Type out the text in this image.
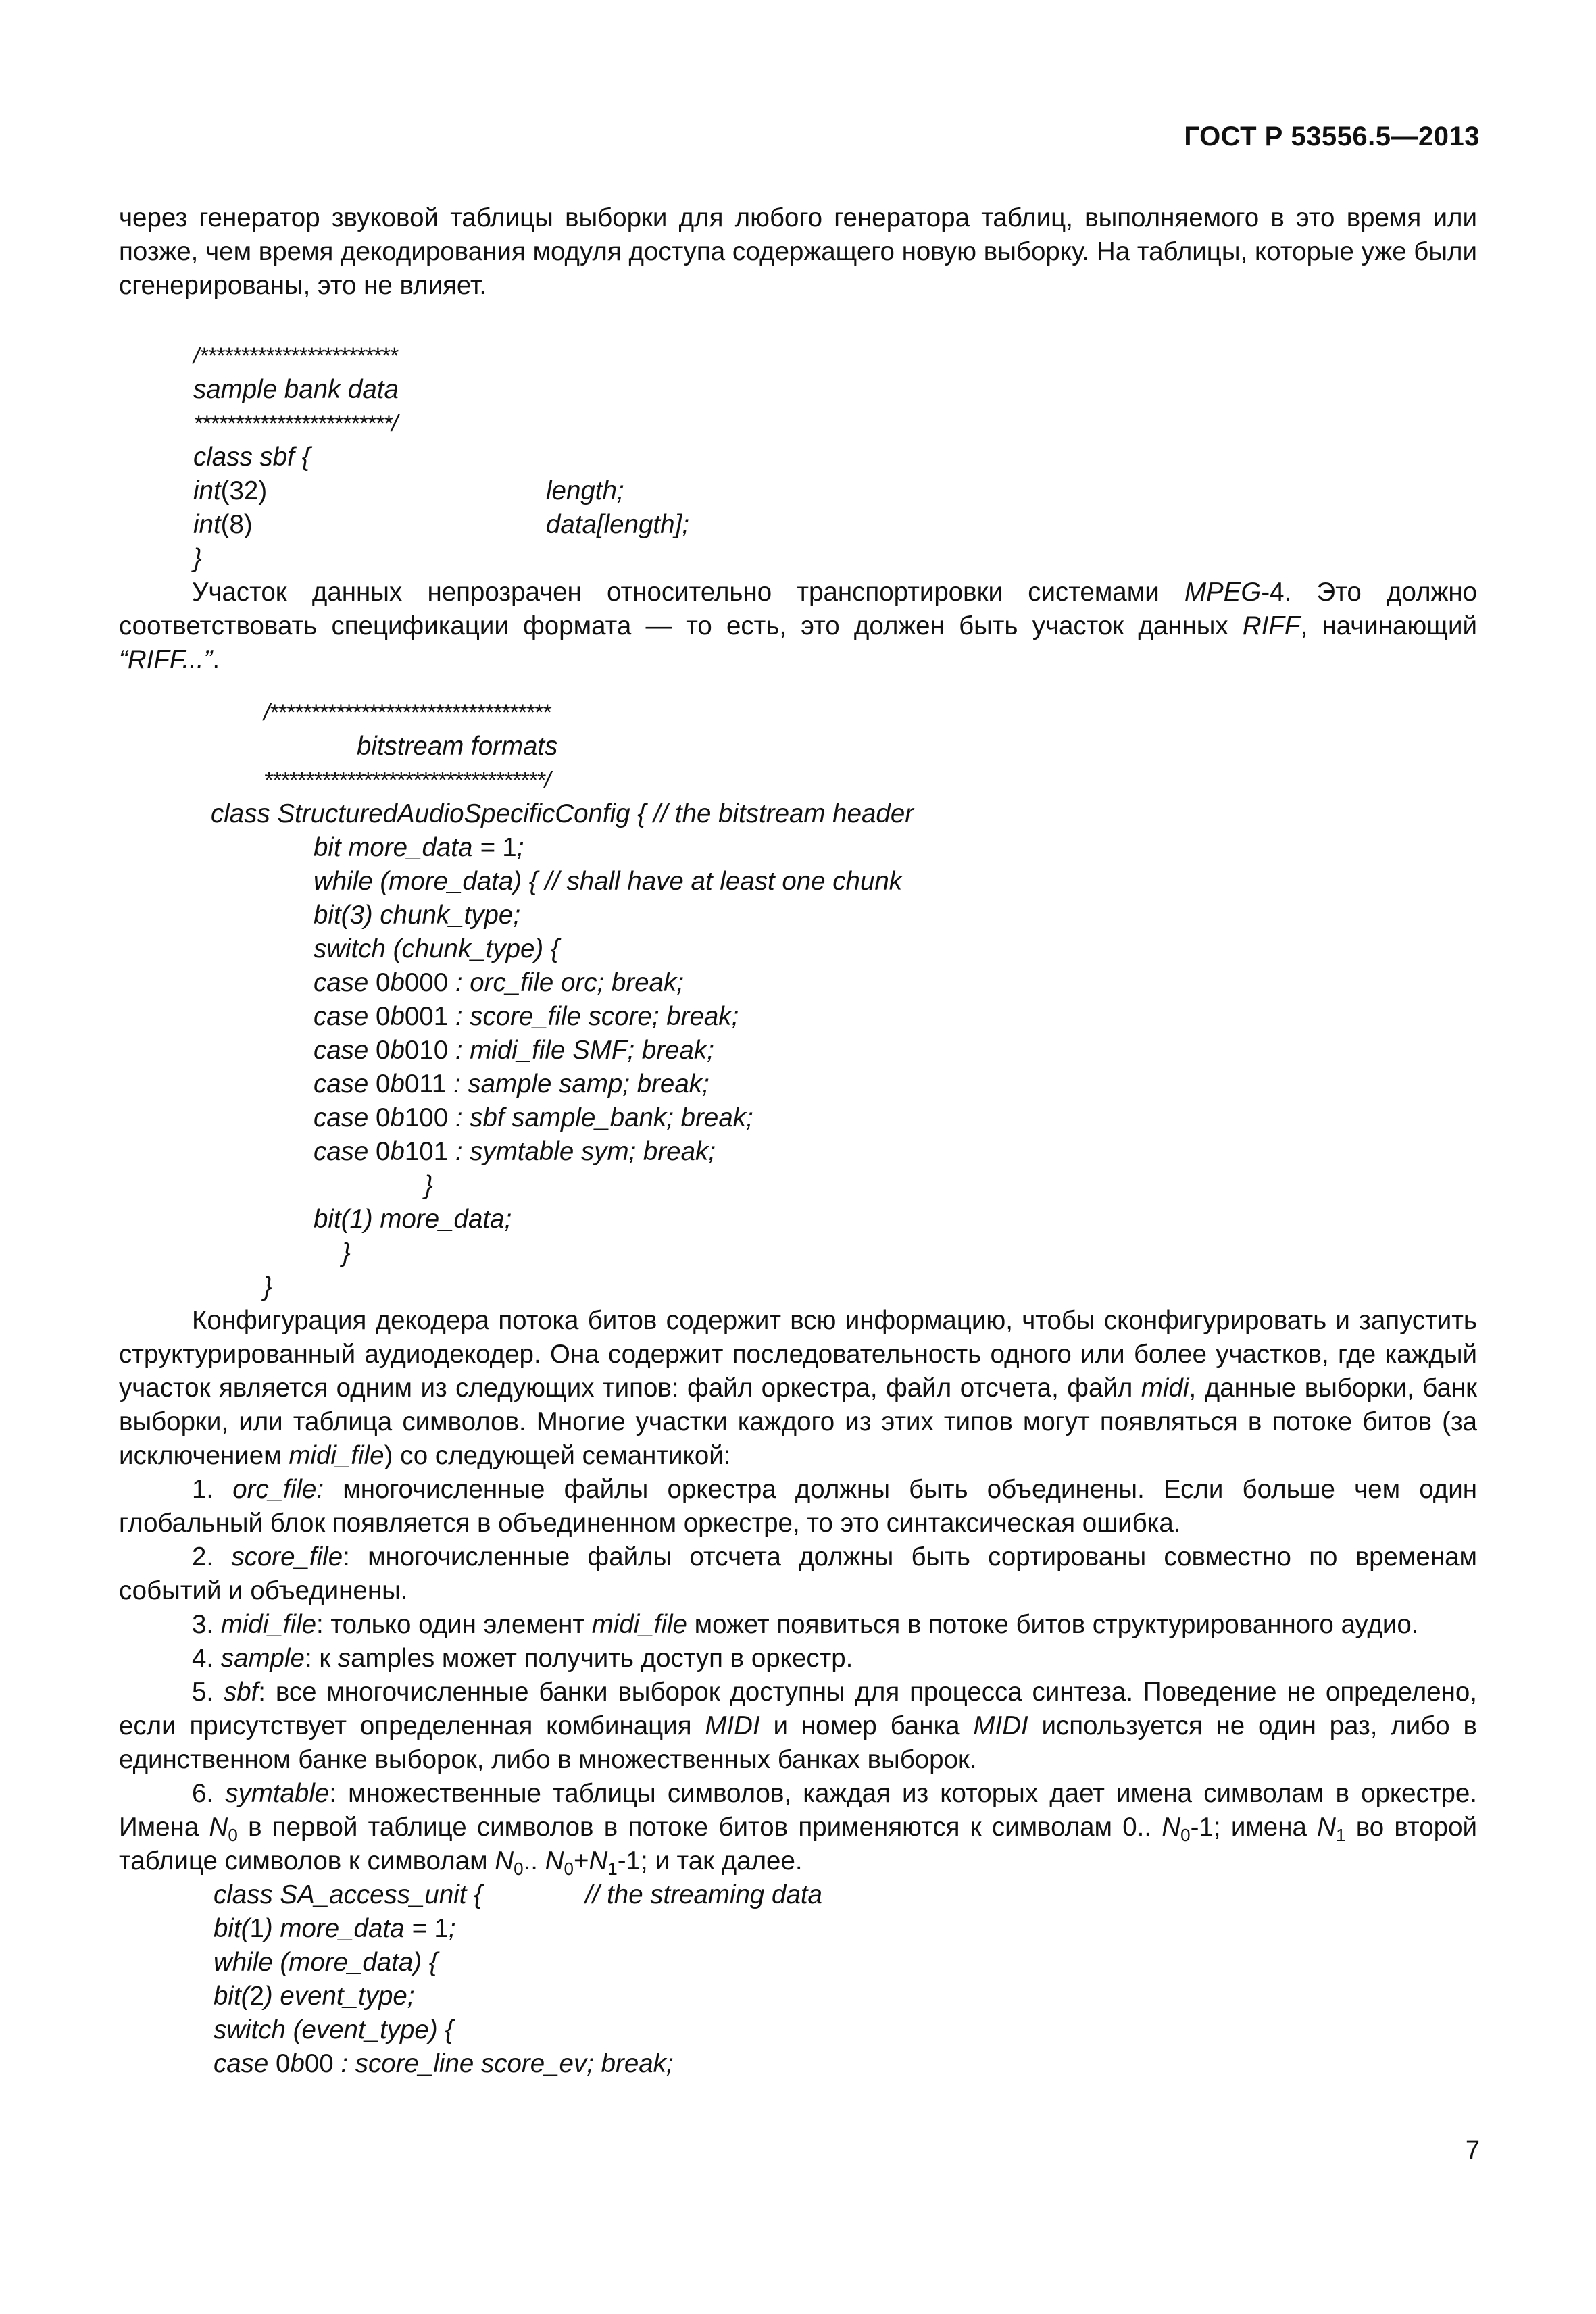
ГОСТ Р 53556.5—2013

через генератор звуковой таблицы выборки для любого генератора таблиц, выполняемого в это время или позже, чем время декодирования модуля доступа содержащего новую выборку. На таблицы, которые уже были сгенерированы, это не влияет.

/************************
sample bank data
************************/
class sbf {
int(32)	length;
int(8)	data[length];
}

Участок данных непрозрачен относительно транспортировки системами MPEG-4. Это должно соответствовать спецификации формата — то есть, это должен быть участок данных RIFF, начинающий “RIFF...”.

/**********************************
bitstream formats
**********************************/
class StructuredAudioSpecificConfig { // the bitstream header
bit more_data = 1;
while (more_data) { // shall have at least one chunk
bit(3) chunk_type;
switch (chunk_type) {
case 0b000 : orc_file orc; break;
case 0b001 : score_file score; break;
case 0b010 : midi_file SMF; break;
case 0b011 : sample samp; break;
case 0b100 : sbf sample_bank; break;
case 0b101 : symtable sym; break;
}
bit(1) more_data;
}
}

Конфигурация декодера потока битов содержит всю информацию, чтобы сконфигурировать и запустить структурированный аудиодекодер. Она содержит последовательность одного или более участков, где каждый участок является одним из следующих типов: файл оркестра, файл отсчета, файл midi, данные выборки, банк выборки, или таблица символов. Многие участки каждого из этих типов могут появляться в потоке битов (за исключением midi_file) со следующей семантикой:

1. orc_file: многочисленные файлы оркестра должны быть объединены. Если больше чем один глобальный блок появляется в объединенном оркестре, то это синтаксическая ошибка.

2. score_file: многочисленные файлы отсчета должны быть сортированы совместно по временам событий и объединены.

3. midi_file: только один элемент midi_file может появиться в потоке битов структурированного аудио.

4. sample: к samples может получить доступ в оркестр.

5. sbf: все многочисленные банки выборок доступны для процесса синтеза. Поведение не определено, если присутствует определенная комбинация MIDI и номер банка MIDI используется не один раз, либо в единственном банке выборок, либо в множественных банках выборок.

6. symtable: множественные таблицы символов, каждая из которых дает имена символам в оркестре. Имена $N_0$ в первой таблице символов в потоке битов применяются к символам 0.. $N_0-1$; имена $N_1$ во второй таблице символов к символам $N_0$.. $N_0+N_1-1$; и так далее.

class SA_access_unit {	// the streaming data
bit(1) more_data = 1;
while (more_data) {
bit(2) event_type;
switch (event_type) {
case 0b00 : score_line score_ev; break;
7
